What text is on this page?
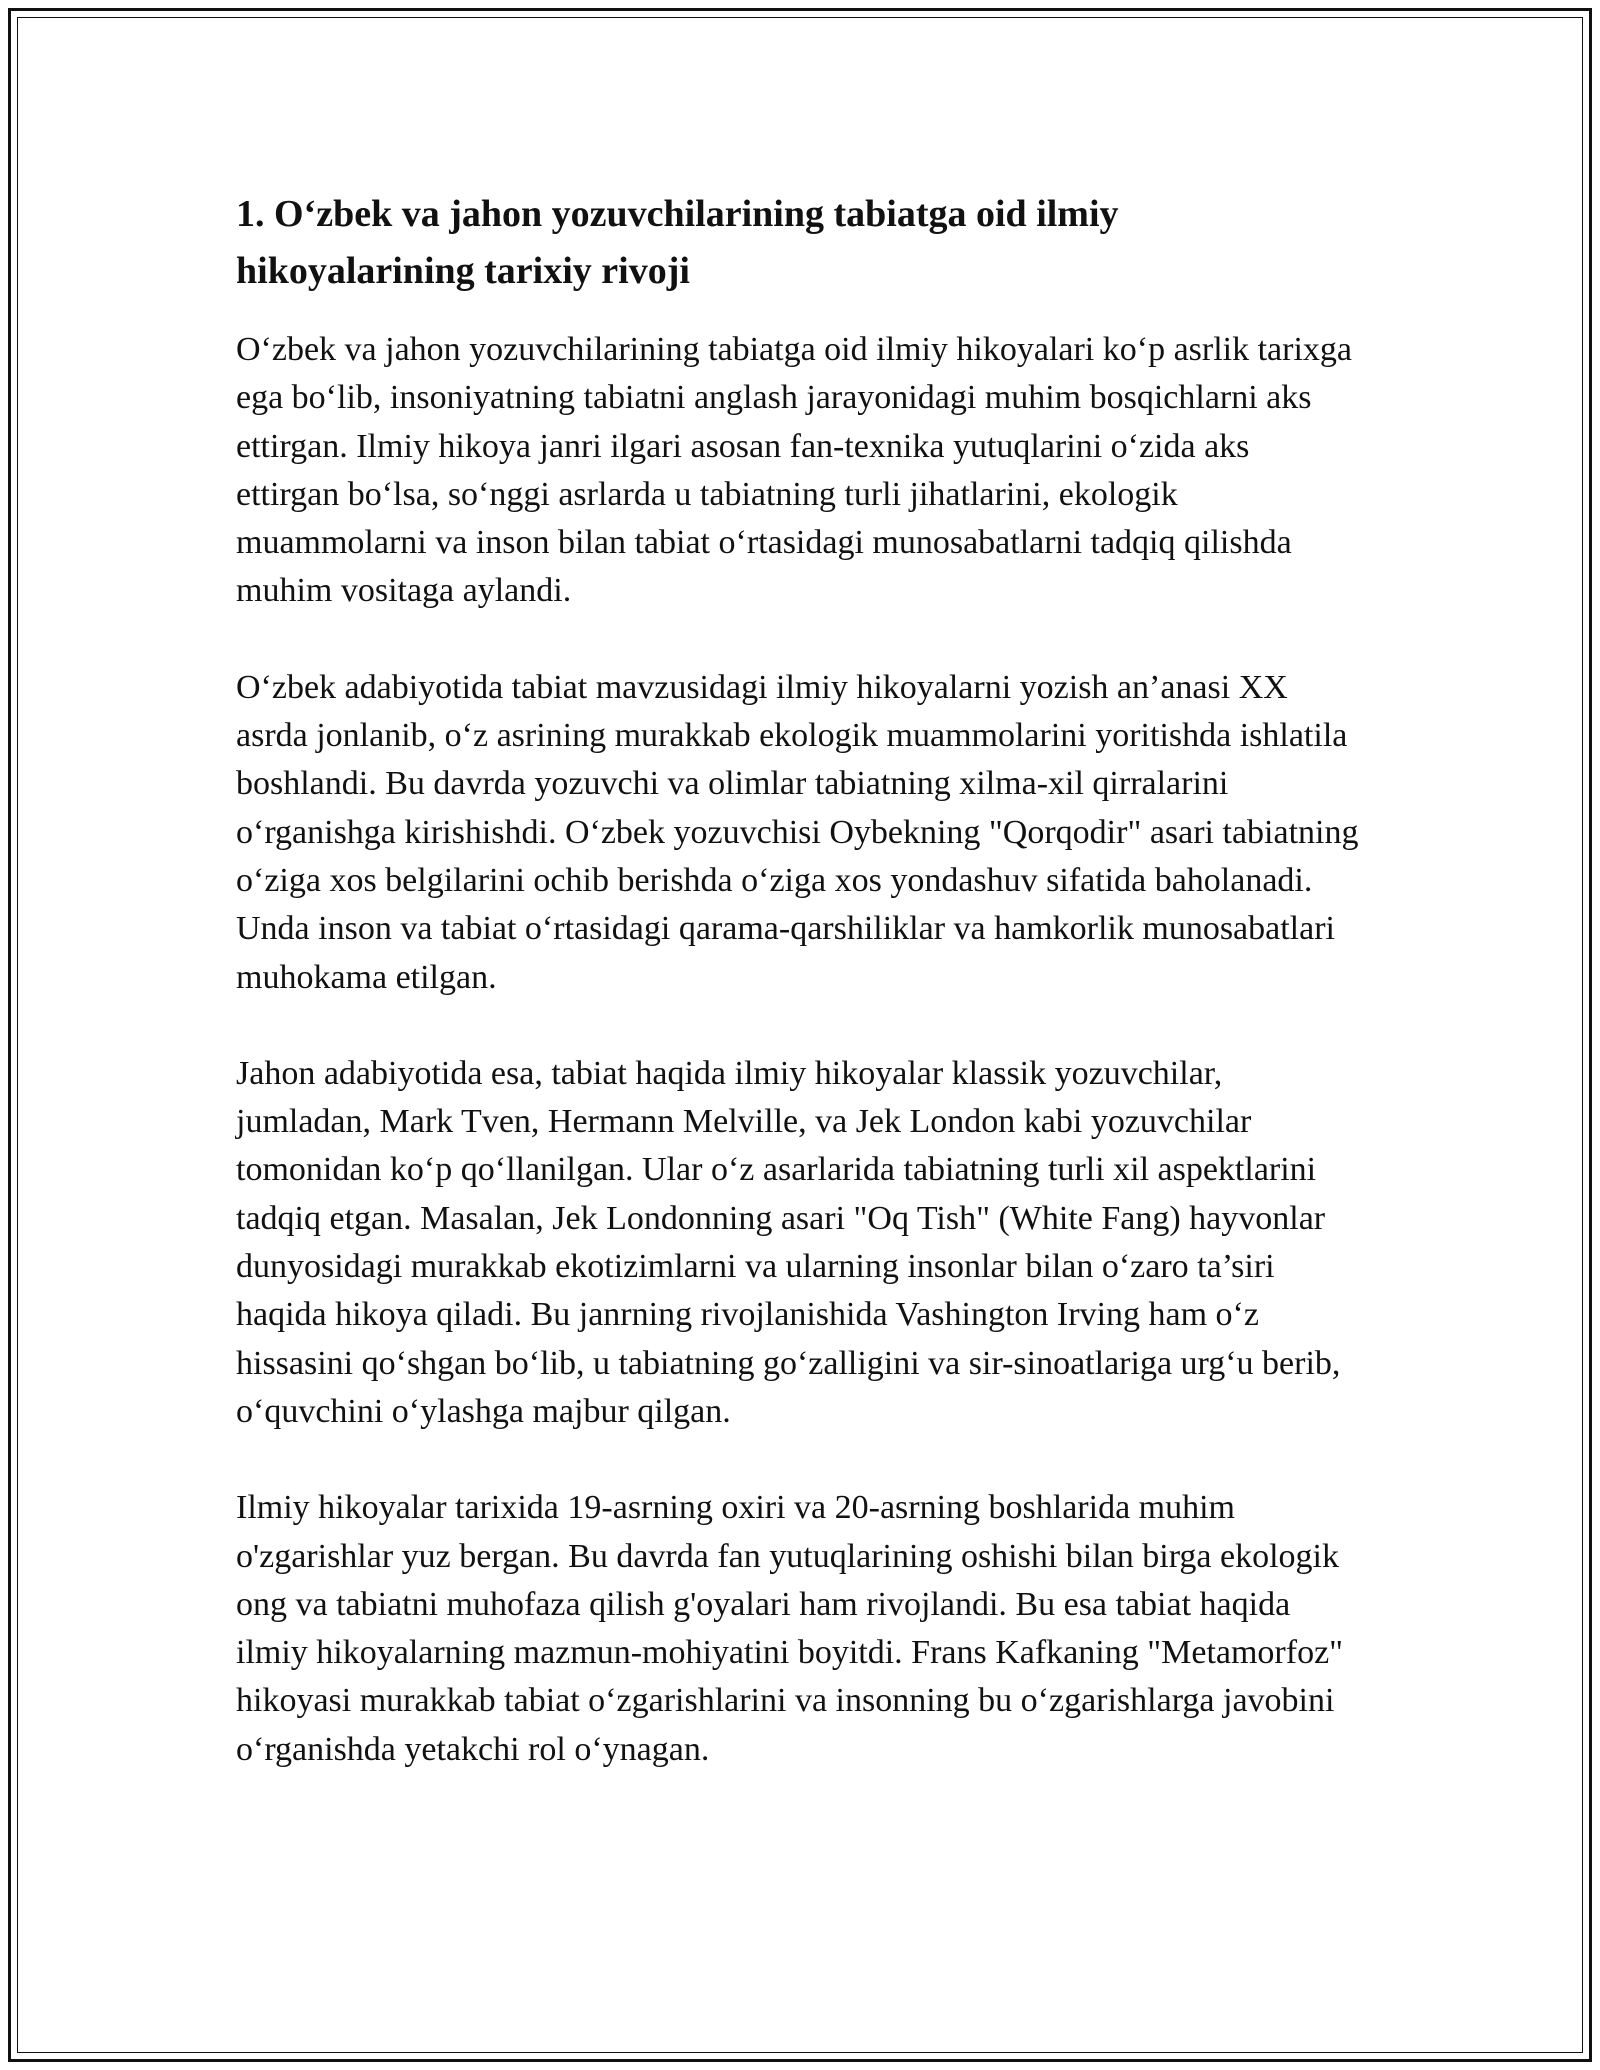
1. O‘zbek va jahon yozuvchilarining tabiatga oid ilmiy hikoyalarining tarixiy rivoji

O‘zbek va jahon yozuvchilarining tabiatga oid ilmiy hikoyalari ko‘p asrlik tarixga ega bo‘lib, insoniyatning tabiatni anglash jarayonidagi muhim bosqichlarni aks ettirgan. Ilmiy hikoya janri ilgari asosan fan-texnika yutuqlarini o‘zida aks ettirgan bo‘lsa, so‘nggi asrlarda u tabiatning turli jihatlarini, ekologik muammolarni va inson bilan tabiat o‘rtasidagi munosabatlarni tadqiq qilishda muhim vositaga aylandi.

O‘zbek adabiyotida tabiat mavzusidagi ilmiy hikoyalarni yozish an’anasi XX asrda jonlanib, o‘z asrining murakkab ekologik muammolarini yoritishda ishlatila boshlandi. Bu davrda yozuvchi va olimlar tabiatning xilma-xil qirralarini o‘rganishga kirishishdi. O‘zbek yozuvchisi Oybekning "Qorqodir" asari tabiatning o‘ziga xos belgilarini ochib berishda o‘ziga xos yondashuv sifatida baholanadi. Unda inson va tabiat o‘rtasidagi qarama-qarshiliklar va hamkorlik munosabatlari muhokama etilgan.

Jahon adabiyotida esa, tabiat haqida ilmiy hikoyalar klassik yozuvchilar, jumladan, Mark Tven, Hermann Melville, va Jek London kabi yozuvchilar tomonidan ko‘p qo‘llanilgan. Ular o‘z asarlarida tabiatning turli xil aspektlarini tadqiq etgan. Masalan, Jek Londonning asari "Oq Tish" (White Fang) hayvonlar dunyosidagi murakkab ekotizimlarni va ularning insonlar bilan o‘zaro ta’siri haqida hikoya qiladi. Bu janrning rivojlanishida Vashington Irving ham o‘z hissasini qo‘shgan bo‘lib, u tabiatning go‘zalligini va sir-sinoatlariga urg‘u berib, o‘quvchini o‘ylashga majbur qilgan.

Ilmiy hikoyalar tarixida 19-asrning oxiri va 20-asrning boshlarida muhim o'zgarishlar yuz bergan. Bu davrda fan yutuqlarining oshishi bilan birga ekologik ong va tabiatni muhofaza qilish g'oyalari ham rivojlandi. Bu esa tabiat haqida ilmiy hikoyalarning mazmun-mohiyatini boyitdi. Frans Kafkaning "Metamorfoz" hikoyasi murakkab tabiat o‘zgarishlarini va insonning bu o‘zgarishlarga javobini o‘rganishda yetakchi rol o‘ynagan.
